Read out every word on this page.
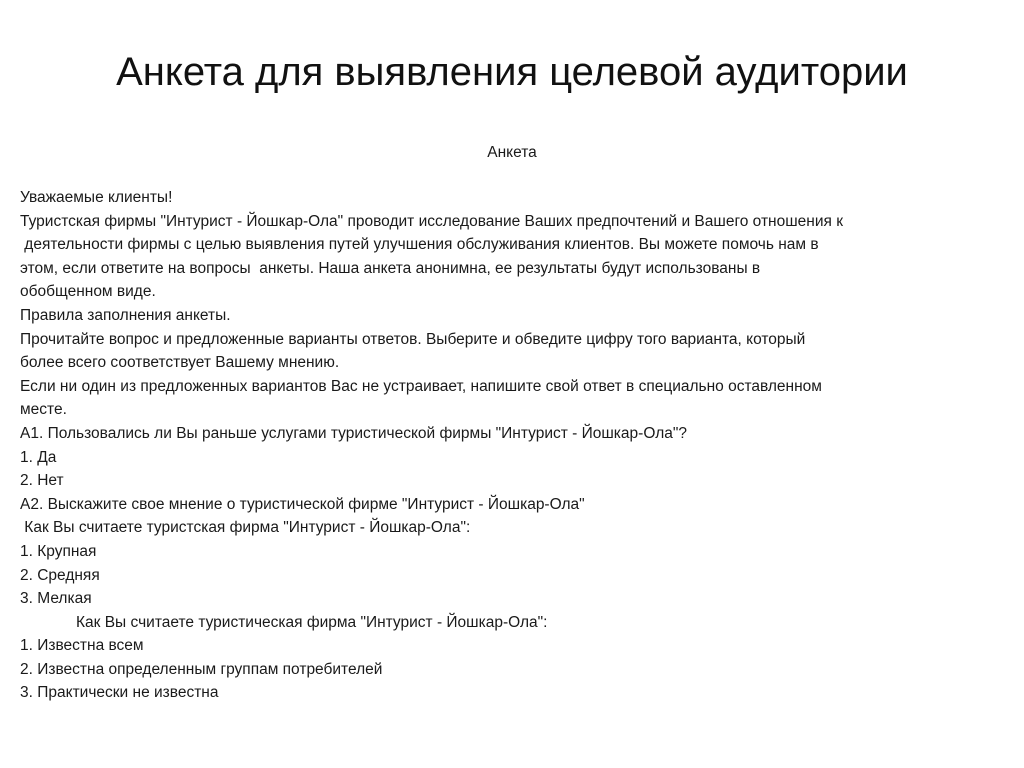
Анкета для выявления целевой аудитории

Анкета

Уважаемые клиенты!
Туристская фирмы "Интурист - Йошкар-Ола" проводит исследование Ваших предпочтений и Вашего отношения к
деятельности фирмы с целью выявления путей улучшения обслуживания клиентов. Вы можете помочь нам в
этом, если ответите на вопросы  анкеты. Наша анкета анонимна, ее результаты будут использованы в
обобщенном виде.
Правила заполнения анкеты.
Прочитайте вопрос и предложенные варианты ответов. Выберите и обведите цифру того варианта, который
более всего соответствует Вашему мнению.
Если ни один из предложенных вариантов Вас не устраивает, напишите свой ответ в специально оставленном
месте.
А1. Пользовались ли Вы раньше услугами туристической фирмы "Интурист - Йошкар-Ола"?
1. Да
2. Нет
А2. Выскажите свое мнение о туристической фирме "Интурист - Йошкар-Ола"
Как Вы считаете туристская фирма "Интурист - Йошкар-Ола":
1. Крупная
2. Средняя
3. Мелкая
Как Вы считаете туристическая фирма "Интурист - Йошкар-Ола":
1. Известна всем
2. Известна определенным группам потребителей
3. Практически не известна
